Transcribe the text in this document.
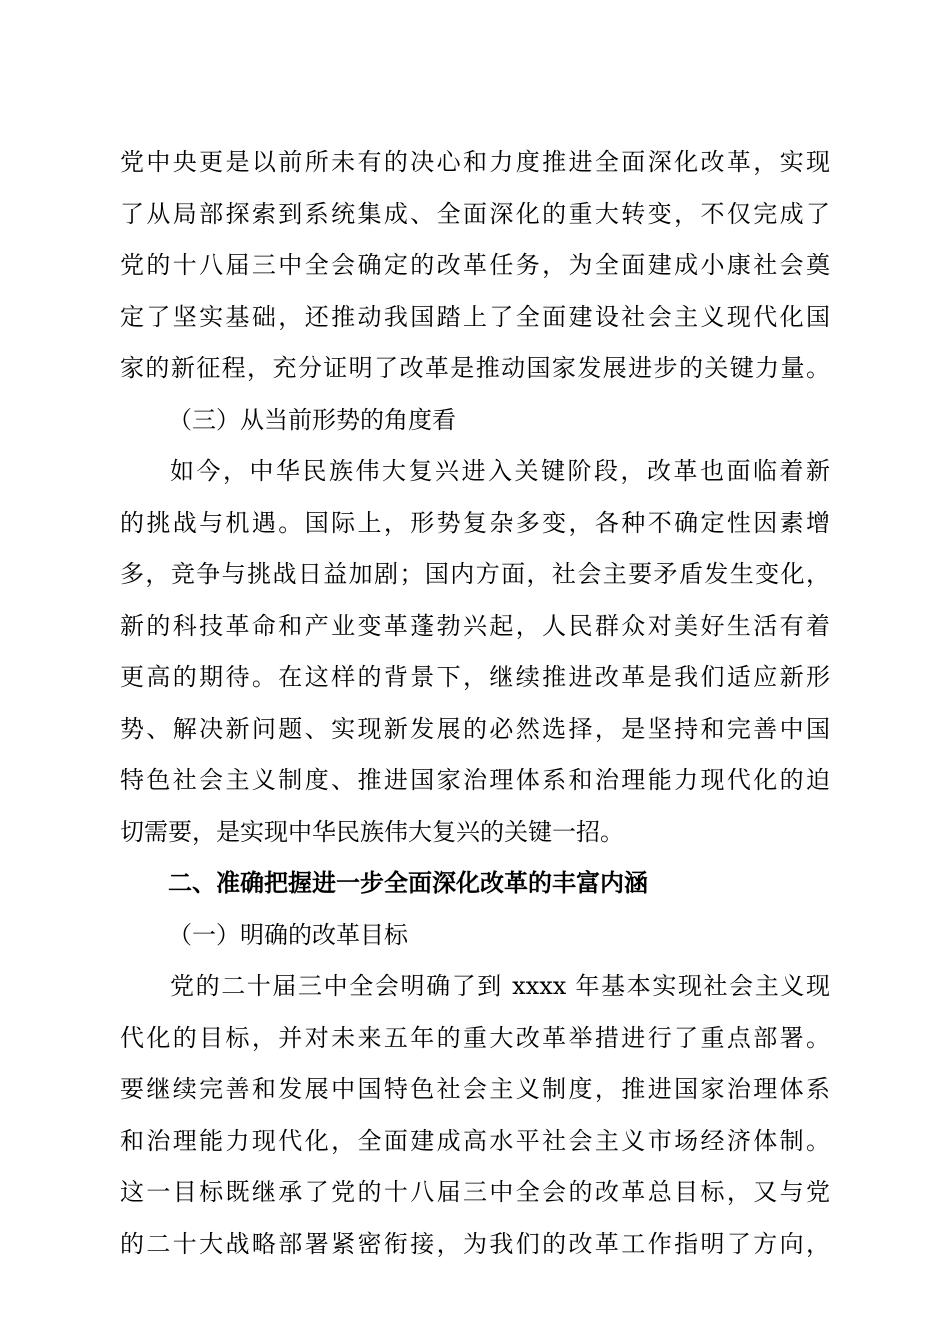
党中央更是以前所未有的决心和力度推进全面深化改革，实现
了从局部探索到系统集成、全面深化的重大转变，不仅完成了
党的十八届三中全会确定的改革任务，为全面建成小康社会奠
定了坚实基础，还推动我国踏上了全面建设社会主义现代化国
家的新征程，充分证明了改革是推动国家发展进步的关键力量。
（三）从当前形势的角度看
如今，中华民族伟大复兴进入关键阶段，改革也面临着新
的挑战与机遇。国际上，形势复杂多变，各种不确定性因素增
多，竞争与挑战日益加剧；国内方面，社会主要矛盾发生变化，
新的科技革命和产业变革蓬勃兴起，人民群众对美好生活有着
更高的期待。在这样的背景下，继续推进改革是我们适应新形
势、解决新问题、实现新发展的必然选择，是坚持和完善中国
特色社会主义制度、推进国家治理体系和治理能力现代化的迫
切需要，是实现中华民族伟大复兴的关键一招。
二、准确把握进一步全面深化改革的丰富内涵
（一）明确的改革目标
党的二十届三中全会明确了到 xxxx 年基本实现社会主义现
代化的目标，并对未来五年的重大改革举措进行了重点部署。
要继续完善和发展中国特色社会主义制度，推进国家治理体系
和治理能力现代化，全面建成高水平社会主义市场经济体制。
这一目标既继承了党的十八届三中全会的改革总目标，又与党
的二十大战略部署紧密衔接，为我们的改革工作指明了方向，
